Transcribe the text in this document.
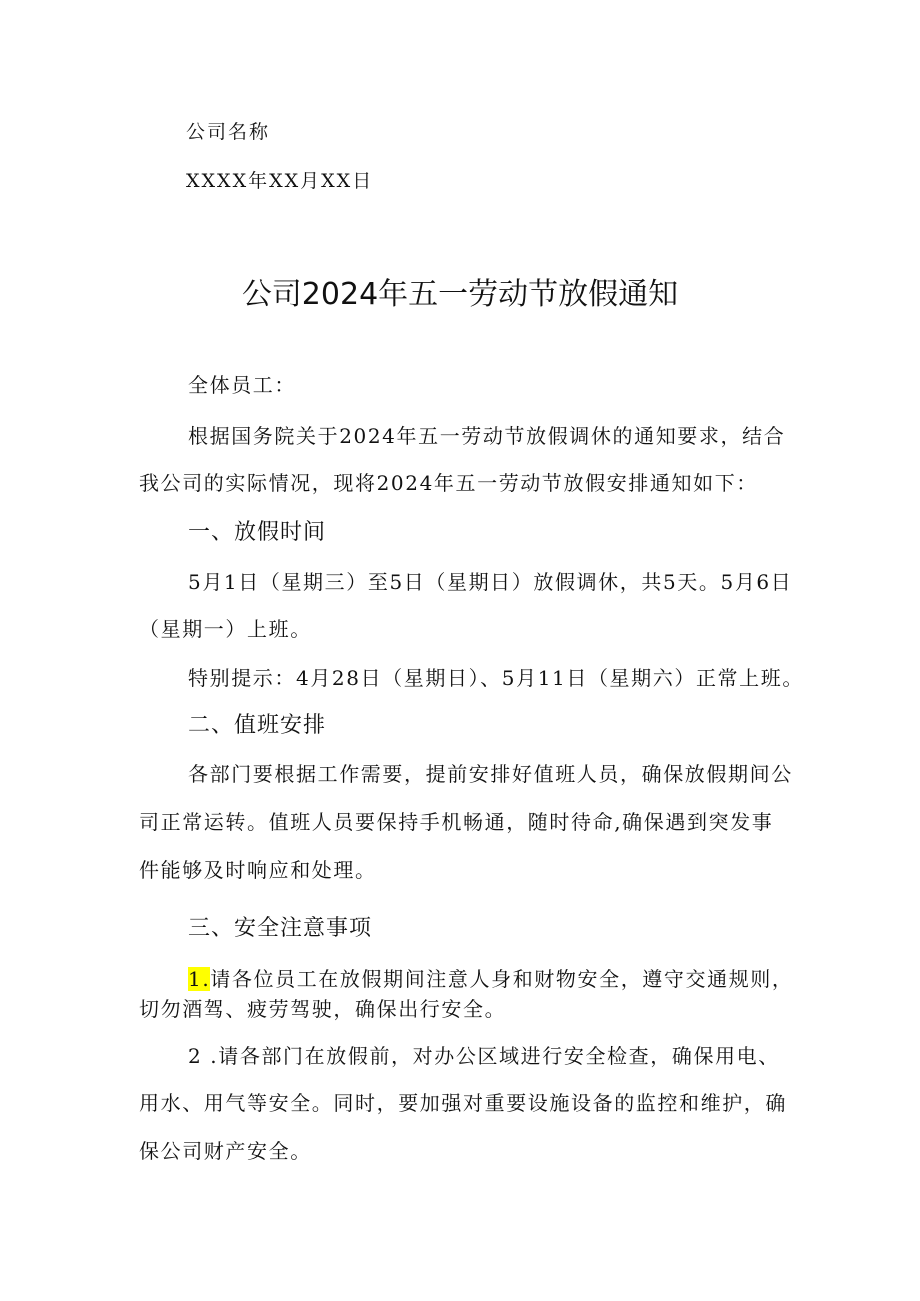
公司名称
XXXX年XX月XX日
公司2024年五一劳动节放假通知
全体员工：
根据国务院关于2024年五一劳动节放假调休的通知要求，结合
我公司的实际情况，现将2024年五一劳动节放假安排通知如下：
一、放假时间
5月1日（星期三）至5日（星期日）放假调休，共5天。5月6日
（星期一）上班。
特别提示：4月28日（星期日）、5月11日（星期六）正常上班。
二、值班安排
各部门要根据工作需要，提前安排好值班人员，确保放假期间公
司正常运转。值班人员要保持手机畅通，随时待命,确保遇到突发事
件能够及时响应和处理。
三、安全注意事项
1.请各位员工在放假期间注意人身和财物安全，遵守交通规则，
切勿酒驾、疲劳驾驶，确保出行安全。
2 .请各部门在放假前，对办公区域进行安全检查，确保用电、
用水、用气等安全。同时，要加强对重要设施设备的监控和维护，确
保公司财产安全。
